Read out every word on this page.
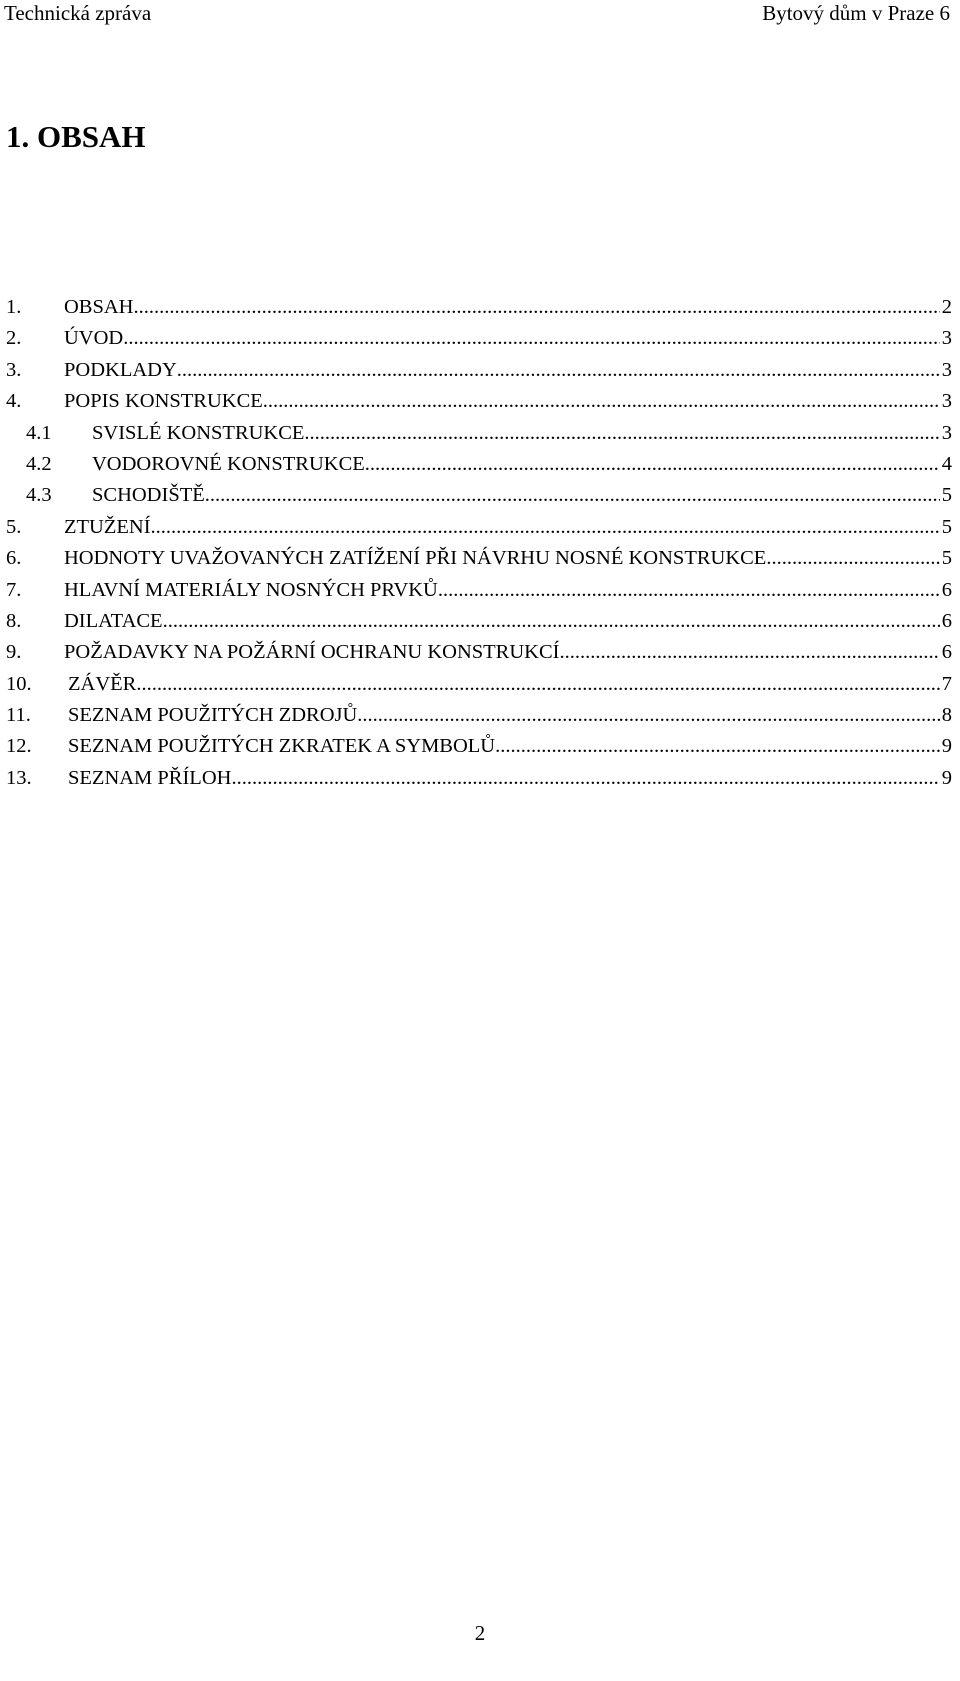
Technická zpráva	Bytový dům v Praze 6
1. OBSAH
1.	OBSAH .....	2
2.	ÚVOD .....	3
3.	PODKLADY .....	3
4.	POPIS KONSTRUKCE .....	3
4.1	SVISLÉ KONSTRUKCE .....	3
4.2	VODOROVNÉ KONSTRUKCE .....	4
4.3	SCHODIŠTĚ .....	5
5.	ZTUŽENÍ .....	5
6.	HODNOTY UVAŽOVANÝCH ZATÍŽENÍ PŘI NÁVRHU NOSNÉ KONSTRUKCE .....	5
7.	HLAVNÍ MATERIÁLY NOSNÝCH PRVKŮ .....	6
8.	DILATACE .....	6
9.	POŽADAVKY NA POŽÁRNÍ OCHRANU KONSTRUKCÍ .....	6
10.	ZÁVĚR .....	7
11.	SEZNAM POUŽITÝCH ZDROJŮ .....	8
12.	SEZNAM POUŽITÝCH ZKRATEK A SYMBOLŮ .....	9
13.	SEZNAM PŘÍLOH .....	9
2
